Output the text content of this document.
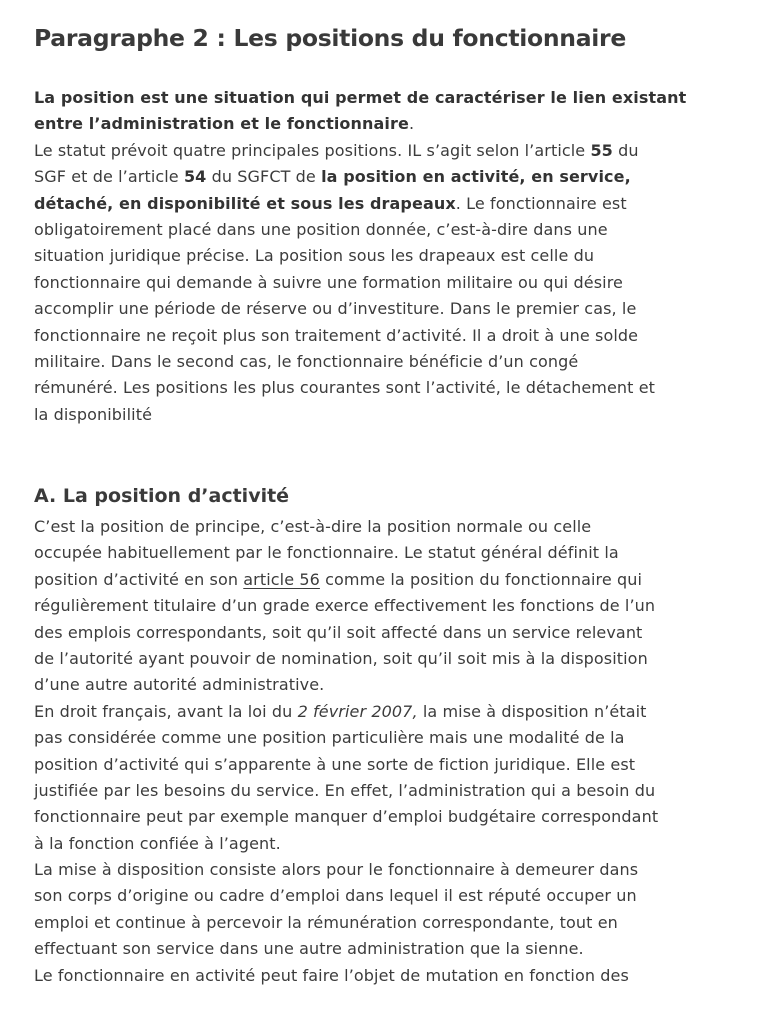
Paragraphe 2 : Les positions du fonctionnaire
La position est une situation qui permet de caractériser le lien existant
entre l’administration et le fonctionnaire.
Le statut prévoit quatre principales positions. IL s’agit selon l’article 55 du
SGF et de l’article 54 du SGFCT de la position en activité, en service,
détaché, en disponibilité et sous les drapeaux. Le fonctionnaire est
obligatoirement placé dans une position donnée, c’est-à-dire dans une
situation juridique précise. La position sous les drapeaux est celle du
fonctionnaire qui demande à suivre une formation militaire ou qui désire
accomplir une période de réserve ou d’investiture. Dans le premier cas, le
fonctionnaire ne reçoit plus son traitement d’activité. Il a droit à une solde
militaire. Dans le second cas, le fonctionnaire bénéficie d’un congé
rémunéré. Les positions les plus courantes sont l’activité, le détachement et
la disponibilité
A. La position d’activité
C’est la position de principe, c’est-à-dire la position normale ou celle
occupée habituellement par le fonctionnaire. Le statut général définit la
position d’activité en son article 56 comme la position du fonctionnaire qui
régulièrement titulaire d’un grade exerce effectivement les fonctions de l’un
des emplois correspondants, soit qu’il soit affecté dans un service relevant
de l’autorité ayant pouvoir de nomination, soit qu’il soit mis à la disposition
d’une autre autorité administrative.
En droit français, avant la loi du 2 février 2007, la mise à disposition n’était
pas considérée comme une position particulière mais une modalité de la
position d’activité qui s’apparente à une sorte de fiction juridique. Elle est
justifiée par les besoins du service. En effet, l’administration qui a besoin du
fonctionnaire peut par exemple manquer d’emploi budgétaire correspondant
à la fonction confiée à l’agent.
La mise à disposition consiste alors pour le fonctionnaire à demeurer dans
son corps d’origine ou cadre d’emploi dans lequel il est réputé occuper un
emploi et continue à percevoir la rémunération correspondante, tout en
effectuant son service dans une autre administration que la sienne.
Le fonctionnaire en activité peut faire l’objet de mutation en fonction des
